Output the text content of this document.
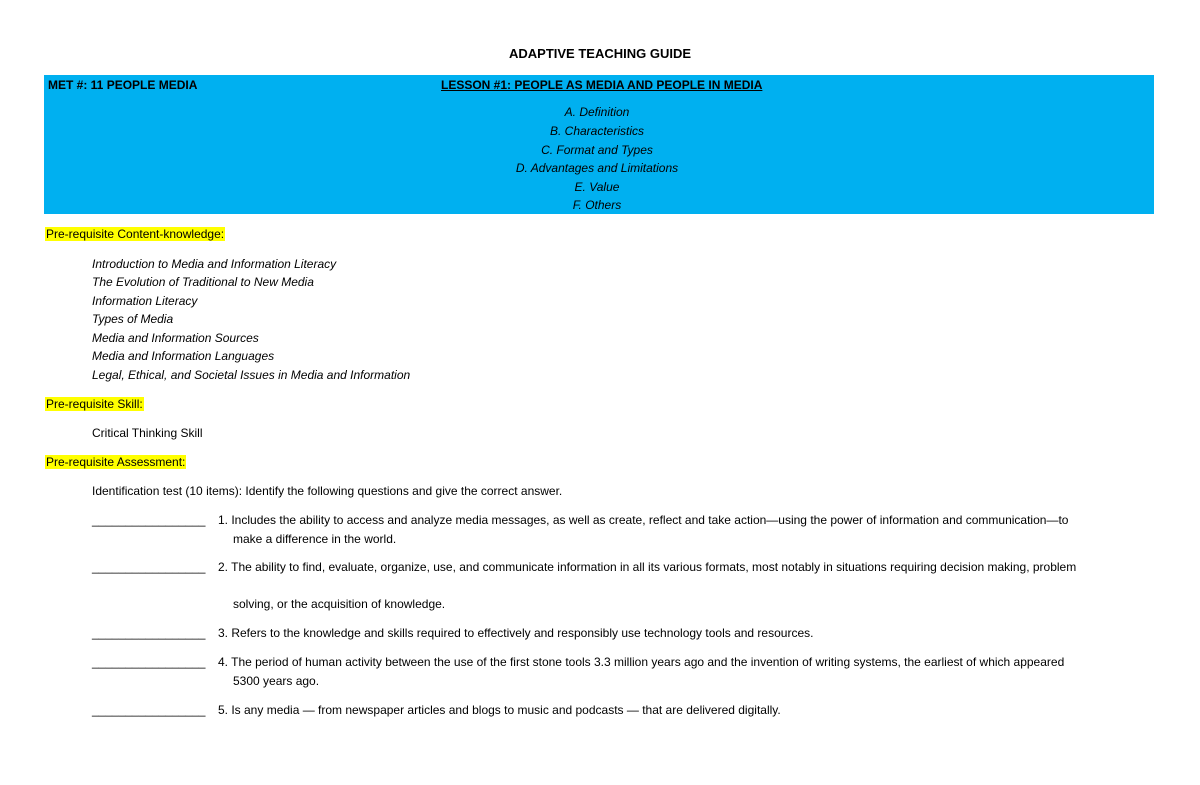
ADAPTIVE TEACHING GUIDE
MET #: 11 PEOPLE MEDIA	LESSON #1: PEOPLE AS MEDIA AND PEOPLE IN MEDIA
A. Definition
B. Characteristics
C. Format and Types
D. Advantages and Limitations
E. Value
F. Others
Pre-requisite Content-knowledge:
Introduction to Media and Information Literacy
The Evolution of Traditional to New Media
Information Literacy
Types of Media
Media and Information Sources
Media and Information Languages
Legal, Ethical, and Societal Issues in Media and Information
Pre-requisite Skill:
Critical Thinking Skill
Pre-requisite Assessment:
Identification test (10 items): Identify the following questions and give the correct answer.
_________________ 1. Includes the ability to access and analyze media messages, as well as create, reflect and take action—using the power of information and communication—to
make a difference in the world.
_________________ 2. The ability to find, evaluate, organize, use, and communicate information in all its various formats, most notably in situations requiring decision making, problem
solving, or the acquisition of knowledge.
_________________ 3. Refers to the knowledge and skills required to effectively and responsibly use technology tools and resources.
_________________ 4. The period of human activity between the use of the first stone tools 3.3 million years ago and the invention of writing systems, the earliest of which appeared
5300 years ago.
_________________ 5. Is any media — from newspaper articles and blogs to music and podcasts — that are delivered digitally.
